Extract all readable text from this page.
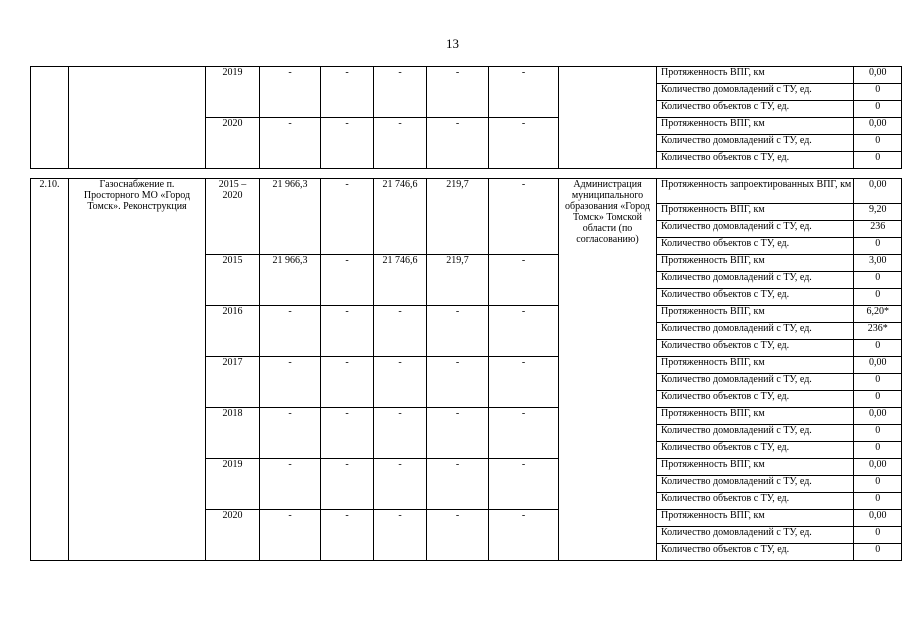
13
		2019	-	-	-	-	-		Протяженность ВПГ, км	0,00
									Количество домовладений с ТУ, ед.	0
									Количество объектов с ТУ, ед.	0
		2020	-	-	-	-	-		Протяженность ВПГ, км	0,00
									Количество домовладений с ТУ, ед.	0
									Количество объектов с ТУ, ед.	0

2.10.	Газоснабжение п. Просторного МО «Город Томск». Реконструкция	2015 – 2020	21 966,3	-	21 746,6	219,7	-	Администрация муниципального образования «Город Томск» Томской области (по согласованию)	Протяженность запроектированных ВПГ, км	0,00
									Протяженность ВПГ, км	9,20
									Количество домовладений с ТУ, ед.	236
									Количество объектов с ТУ, ед.	0
		2015	21 966,3	-	21 746,6	219,7	-		Протяженность ВПГ, км	3,00
									Количество домовладений с ТУ, ед.	0
									Количество объектов с ТУ, ед.	0
		2016	-	-	-	-	-		Протяженность ВПГ, км	6,20*
									Количество домовладений с ТУ, ед.	236*
									Количество объектов с ТУ, ед.	0
		2017	-	-	-	-	-		Протяженность ВПГ, км	0,00
									Количество домовладений с ТУ, ед.	0
									Количество объектов с ТУ, ед.	0
		2018	-	-	-	-	-		Протяженность ВПГ, км	0,00
									Количество домовладений с ТУ, ед.	0
									Количество объектов с ТУ, ед.	0
		2019	-	-	-	-	-		Протяженность ВПГ, км	0,00
									Количество домовладений с ТУ, ед.	0
									Количество объектов с ТУ, ед.	0
		2020	-	-	-	-	-		Протяженность ВПГ, км	0,00
									Количество домовладений с ТУ, ед.	0
									Количество объектов с ТУ, ед.	0
